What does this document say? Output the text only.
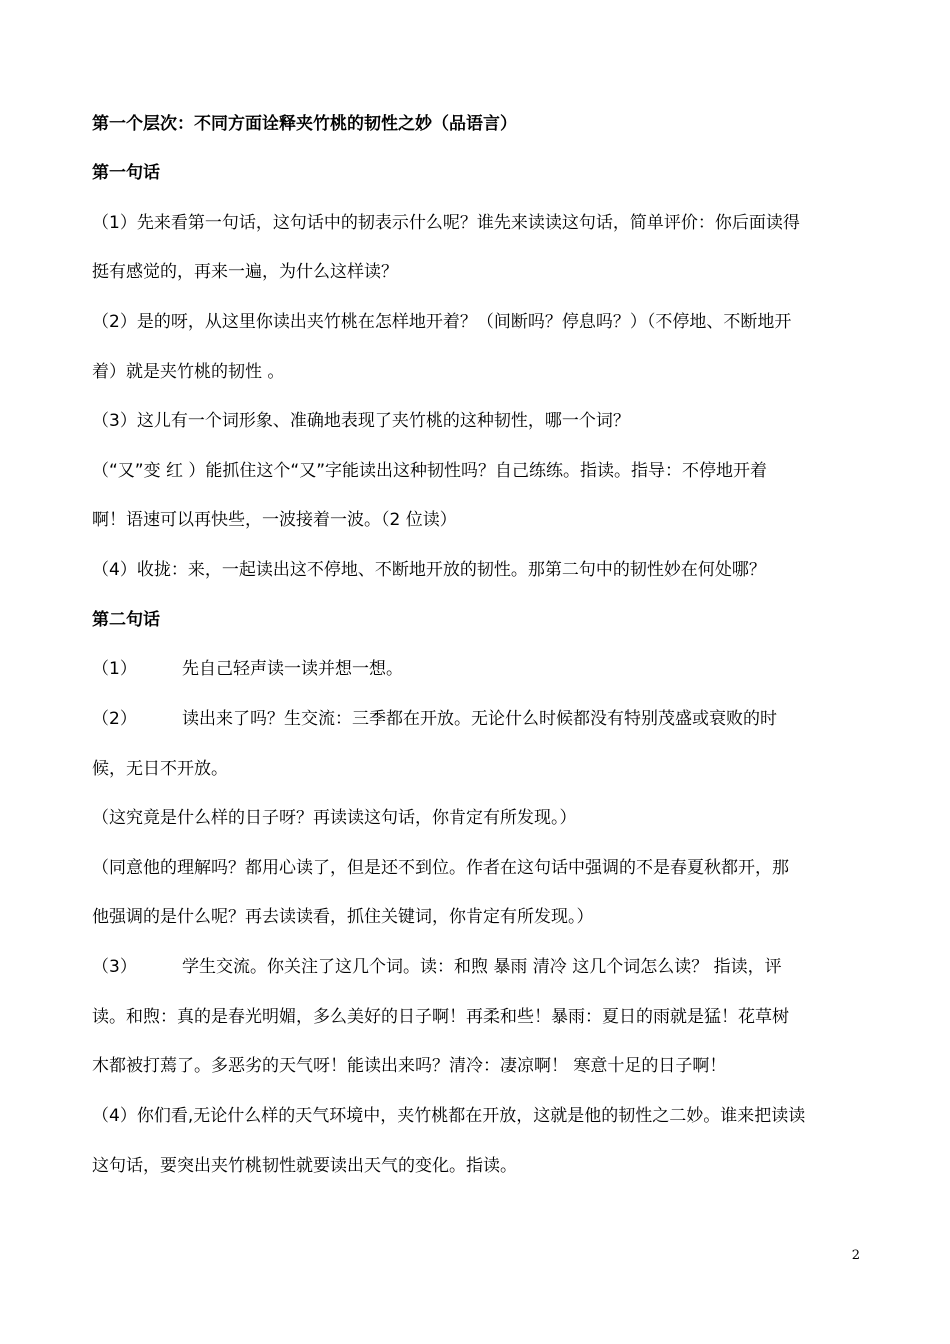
第一个层次：不同方面诠释夹竹桃的韧性之妙（品语言）
第一句话
（1）先来看第一句话，这句话中的韧表示什么呢？谁先来读读这句话，简单评价：你后面读得
挺有感觉的，再来一遍，为什么这样读？
（2）是的呀，从这里你读出夹竹桃在怎样地开着？（间断吗？停息吗？）（不停地、不断地开
着）就是夹竹桃的韧性 。
（3）这儿有一个词形象、准确地表现了夹竹桃的这种韧性，哪一个词？
（“又”变 红 ）能抓住这个“又”字能读出这种韧性吗？自己练练。指读。指导：不停地开着
啊！语速可以再快些，一波接着一波。（2 位读）
（4）收拢：来，一起读出这不停地、不断地开放的韧性。那第二句中的韧性妙在何处哪？
第二句话
（1）	先自己轻声读一读并想一想。
（2）	读出来了吗？生交流：三季都在开放。无论什么时候都没有特别茂盛或衰败的时
候，无日不开放。
（这究竟是什么样的日子呀？再读读这句话，你肯定有所发现。）
（同意他的理解吗？都用心读了，但是还不到位。作者在这句话中强调的不是春夏秋都开，那
他强调的是什么呢？再去读读看，抓住关键词，你肯定有所发现。）
（3）	学生交流。你关注了这几个词。读：和煦 暴雨 清冷 这几个词怎么读？ 指读，评
读。和煦：真的是春光明媚，多么美好的日子啊！再柔和些！暴雨：夏日的雨就是猛！花草树
木都被打蔫了。多恶劣的天气呀！能读出来吗？清冷：凄凉啊！ 寒意十足的日子啊！
（4）你们看,无论什么样的天气环境中，夹竹桃都在开放，这就是他的韧性之二妙。谁来把读读
这句话，要突出夹竹桃韧性就要读出天气的变化。指读。
2
